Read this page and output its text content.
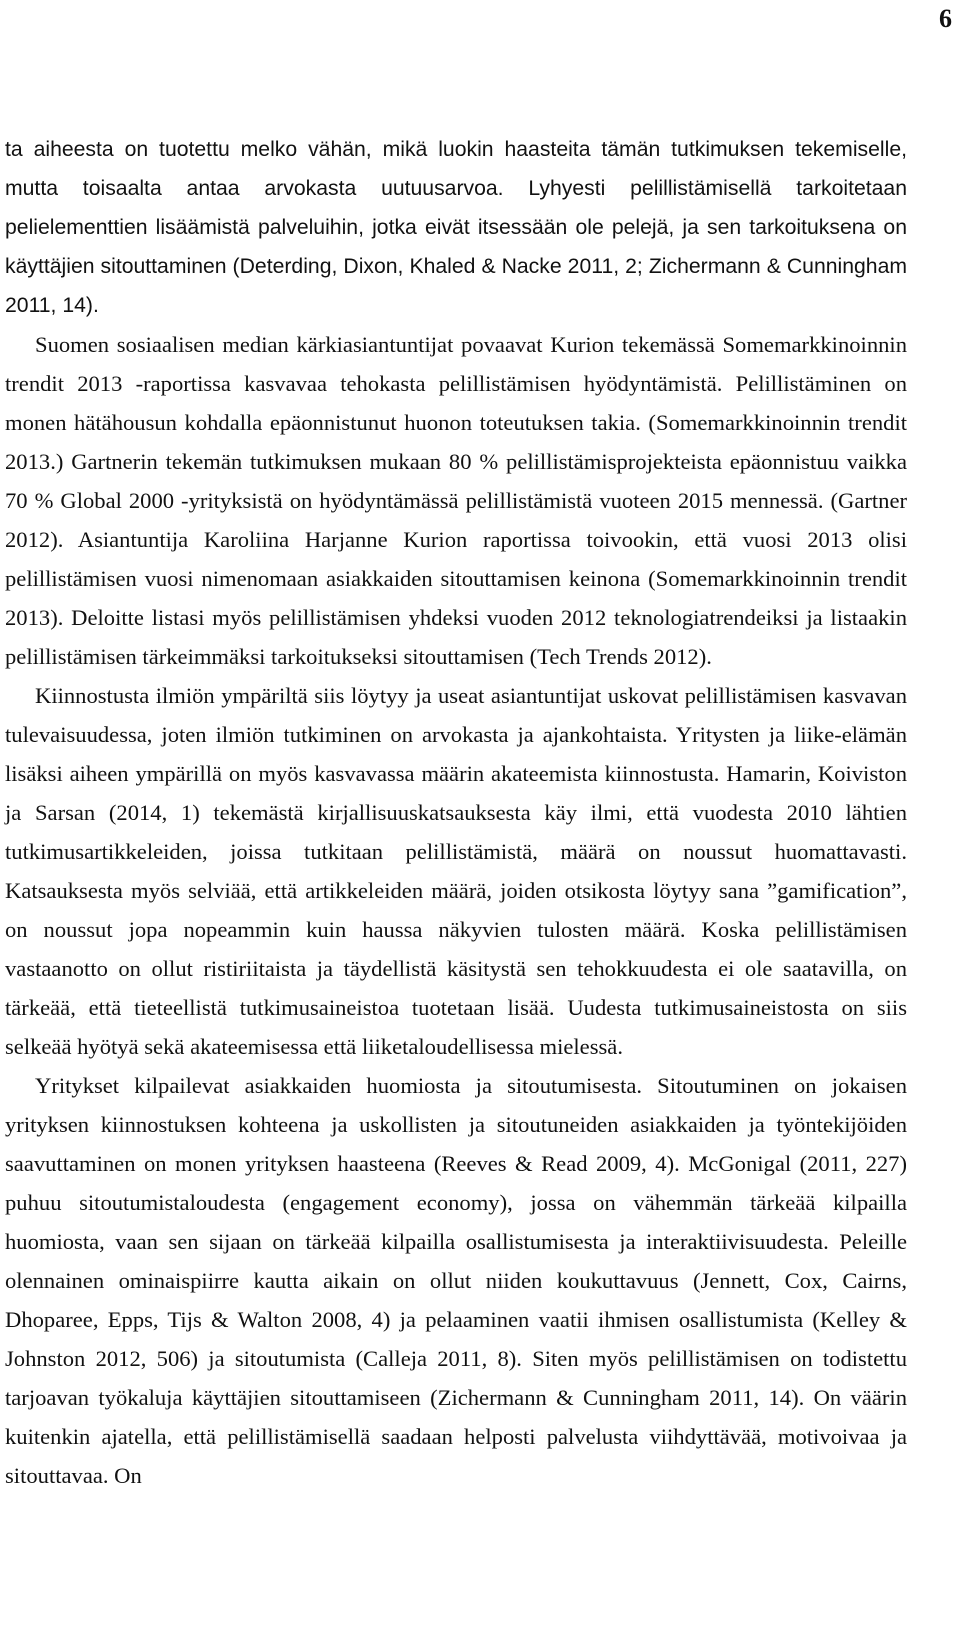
6

ta aiheesta on tuotettu melko vähän, mikä luokin haasteita tämän tutkimuksen tekemiselle, mutta toisaalta antaa arvokasta uutuusarvoa. Lyhyesti pelillistämisellä tarkoitetaan pelielementtien lisäämistä palveluihin, jotka eivät itsessään ole pelejä, ja sen tarkoituksena on käyttäjien sitouttaminen (Deterding, Dixon, Khaled & Nacke 2011, 2; Zichermann & Cunningham 2011, 14).

Suomen sosiaalisen median kärkiasiantuntijat povaavat Kurion tekemässä Somemarkkinoinnin trendit 2013 -raportissa kasvavaa tehokasta pelillistämisen hyödyntämistä. Pelillistäminen on monen hätähousun kohdalla epäonnistunut huonon toteutuksen takia. (Somemarkkinoinnin trendit 2013.) Gartnerin tekemän tutkimuksen mukaan 80 % pelillistämisprojekteista epäonnistuu vaikka 70 % Global 2000 -yrityksistä on hyödyntämässä pelillistämistä vuoteen 2015 mennessä. (Gartner 2012). Asiantuntija Karoliina Harjanne Kurion raportissa toivookin, että vuosi 2013 olisi pelillistämisen vuosi nimenomaan asiakkaiden sitouttamisen keinona (Somemarkkinoinnin trendit 2013). Deloitte listasi myös pelillistämisen yhdeksi vuoden 2012 teknologiatrendeiksi ja listaakin pelillistämisen tärkeimmäksi tarkoitukseksi sitouttamisen (Tech Trends 2012).

Kiinnostusta ilmiön ympäriltä siis löytyy ja useat asiantuntijat uskovat pelillistämisen kasvavan tulevaisuudessa, joten ilmiön tutkiminen on arvokasta ja ajankohtaista. Yritysten ja liike-elämän lisäksi aiheen ympärillä on myös kasvavassa määrin akateemista kiinnostusta. Hamarin, Koiviston ja Sarsan (2014, 1) tekemästä kirjallisuuskatsauksesta käy ilmi, että vuodesta 2010 lähtien tutkimusartikkeleiden, joissa tutkitaan pelillistämistä, määrä on noussut huomattavasti. Katsauksesta myös selviää, että artikkeleiden määrä, joiden otsikosta löytyy sana ”gamification”, on noussut jopa nopeammin kuin haussa näkyvien tulosten määrä. Koska pelillistämisen vastaanotto on ollut ristiriitaista ja täydellistä käsitystä sen tehokkuudesta ei ole saatavilla, on tärkeää, että tieteellistä tutkimusaineistoa tuotetaan lisää. Uudesta tutkimusaineistosta on siis selkeää hyötyä sekä akateemisessa että liiketaloudellisessa mielessä.

Yritykset kilpailevat asiakkaiden huomiosta ja sitoutumisesta. Sitoutuminen on jokaisen yrityksen kiinnostuksen kohteena ja uskollisten ja sitoutuneiden asiakkaiden ja työntekijöiden saavuttaminen on monen yrityksen haasteena (Reeves & Read 2009, 4). McGonigal (2011, 227) puhuu sitoutumistaloudesta (engagement economy), jossa on vähemmän tärkeää kilpailla huomiosta, vaan sen sijaan on tärkeää kilpailla osallistumisesta ja interaktiivisuudesta. Peleille olennainen ominaispiirre kautta aikain on ollut niiden koukuttavuus (Jennett, Cox, Cairns, Dhoparee, Epps, Tijs & Walton 2008, 4) ja pelaaminen vaatii ihmisen osallistumista (Kelley & Johnston 2012, 506) ja sitoutumista (Calleja 2011, 8). Siten myös pelillistämisen on todistettu tarjoavan työkaluja käyttäjien sitouttamiseen (Zichermann & Cunningham 2011, 14). On väärin kuitenkin ajatella, että pelillistämisellä saadaan helposti palvelusta viihdyttävää, motivoivaa ja sitouttavaa. On
